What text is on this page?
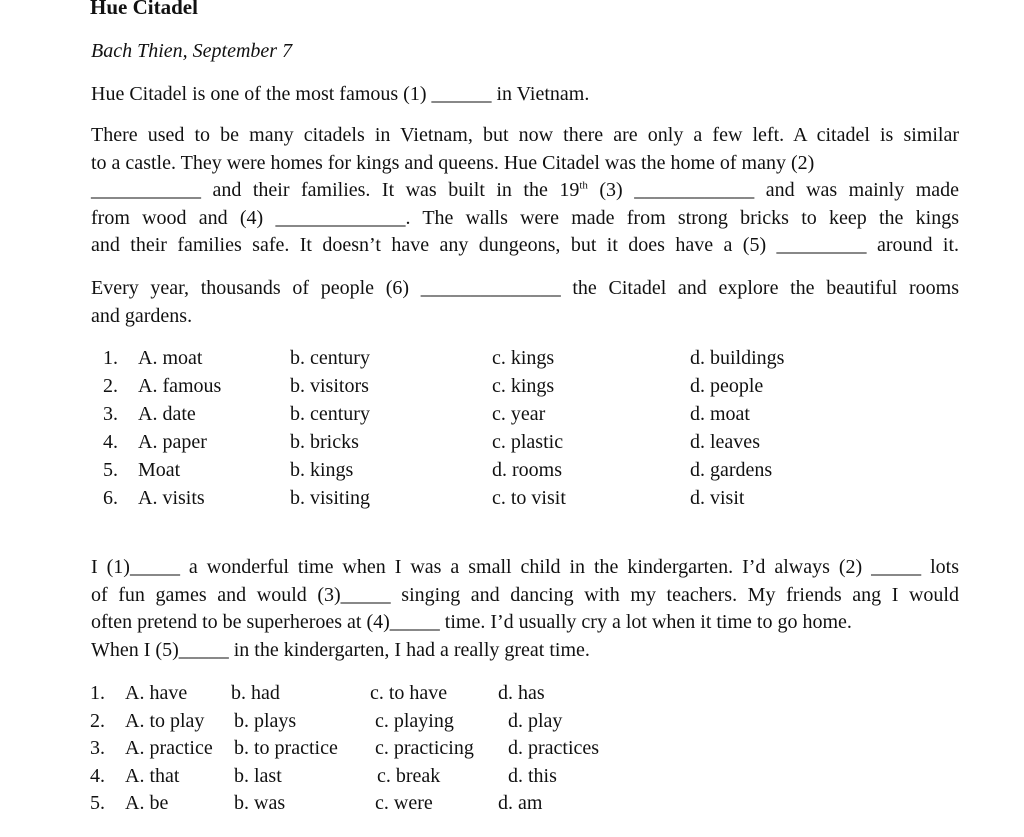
Hue Citadel
Bach Thien, September 7
Hue Citadel is one of the most famous (1) ______ in Vietnam.
There used to be many citadels in Vietnam, but now there are only a few left. A citadel is similar
to a castle. They were homes for kings and queens. Hue Citadel was the home of many (2)
___________ and their families. It was built in the 19th (3) ____________ and was mainly made
from wood and (4) _____________. The walls were made from strong bricks to keep the kings
and their families safe. It doesn’t have any dungeons, but it does have a (5) _________ around it.
Every year, thousands of people (6) ______________ the Citadel and explore the beautiful rooms
and gardens.
1. A. moat	b. century	c. kings	d. buildings
2. A. famous	b. visitors	c. kings	d. people
3. A. date	b. century	c. year	d. moat
4. A. paper	b. bricks	c. plastic	d. leaves
5. Moat	b. kings	d. rooms	d. gardens
6. A. visits	b. visiting	c. to visit	d. visit
I (1)_____ a wonderful time when I was a small child in the kindergarten. I’d always (2) _____ lots
of fun games and would (3)_____ singing and dancing with my teachers. My friends ang I would
often pretend to be superheroes at (4)_____ time. I’d usually cry a lot when it time to go home.
When I (5)_____ in the kindergarten, I had a really great time.
1. A. have b. had	c. to have	d. has
2. A. to play b. plays	c. playing	d. play
3. A. practice b. to practice c. practicing d. practices
4. A. that	b. last	c. break	d. this
5. A. be	b. was	c. were	d. am
